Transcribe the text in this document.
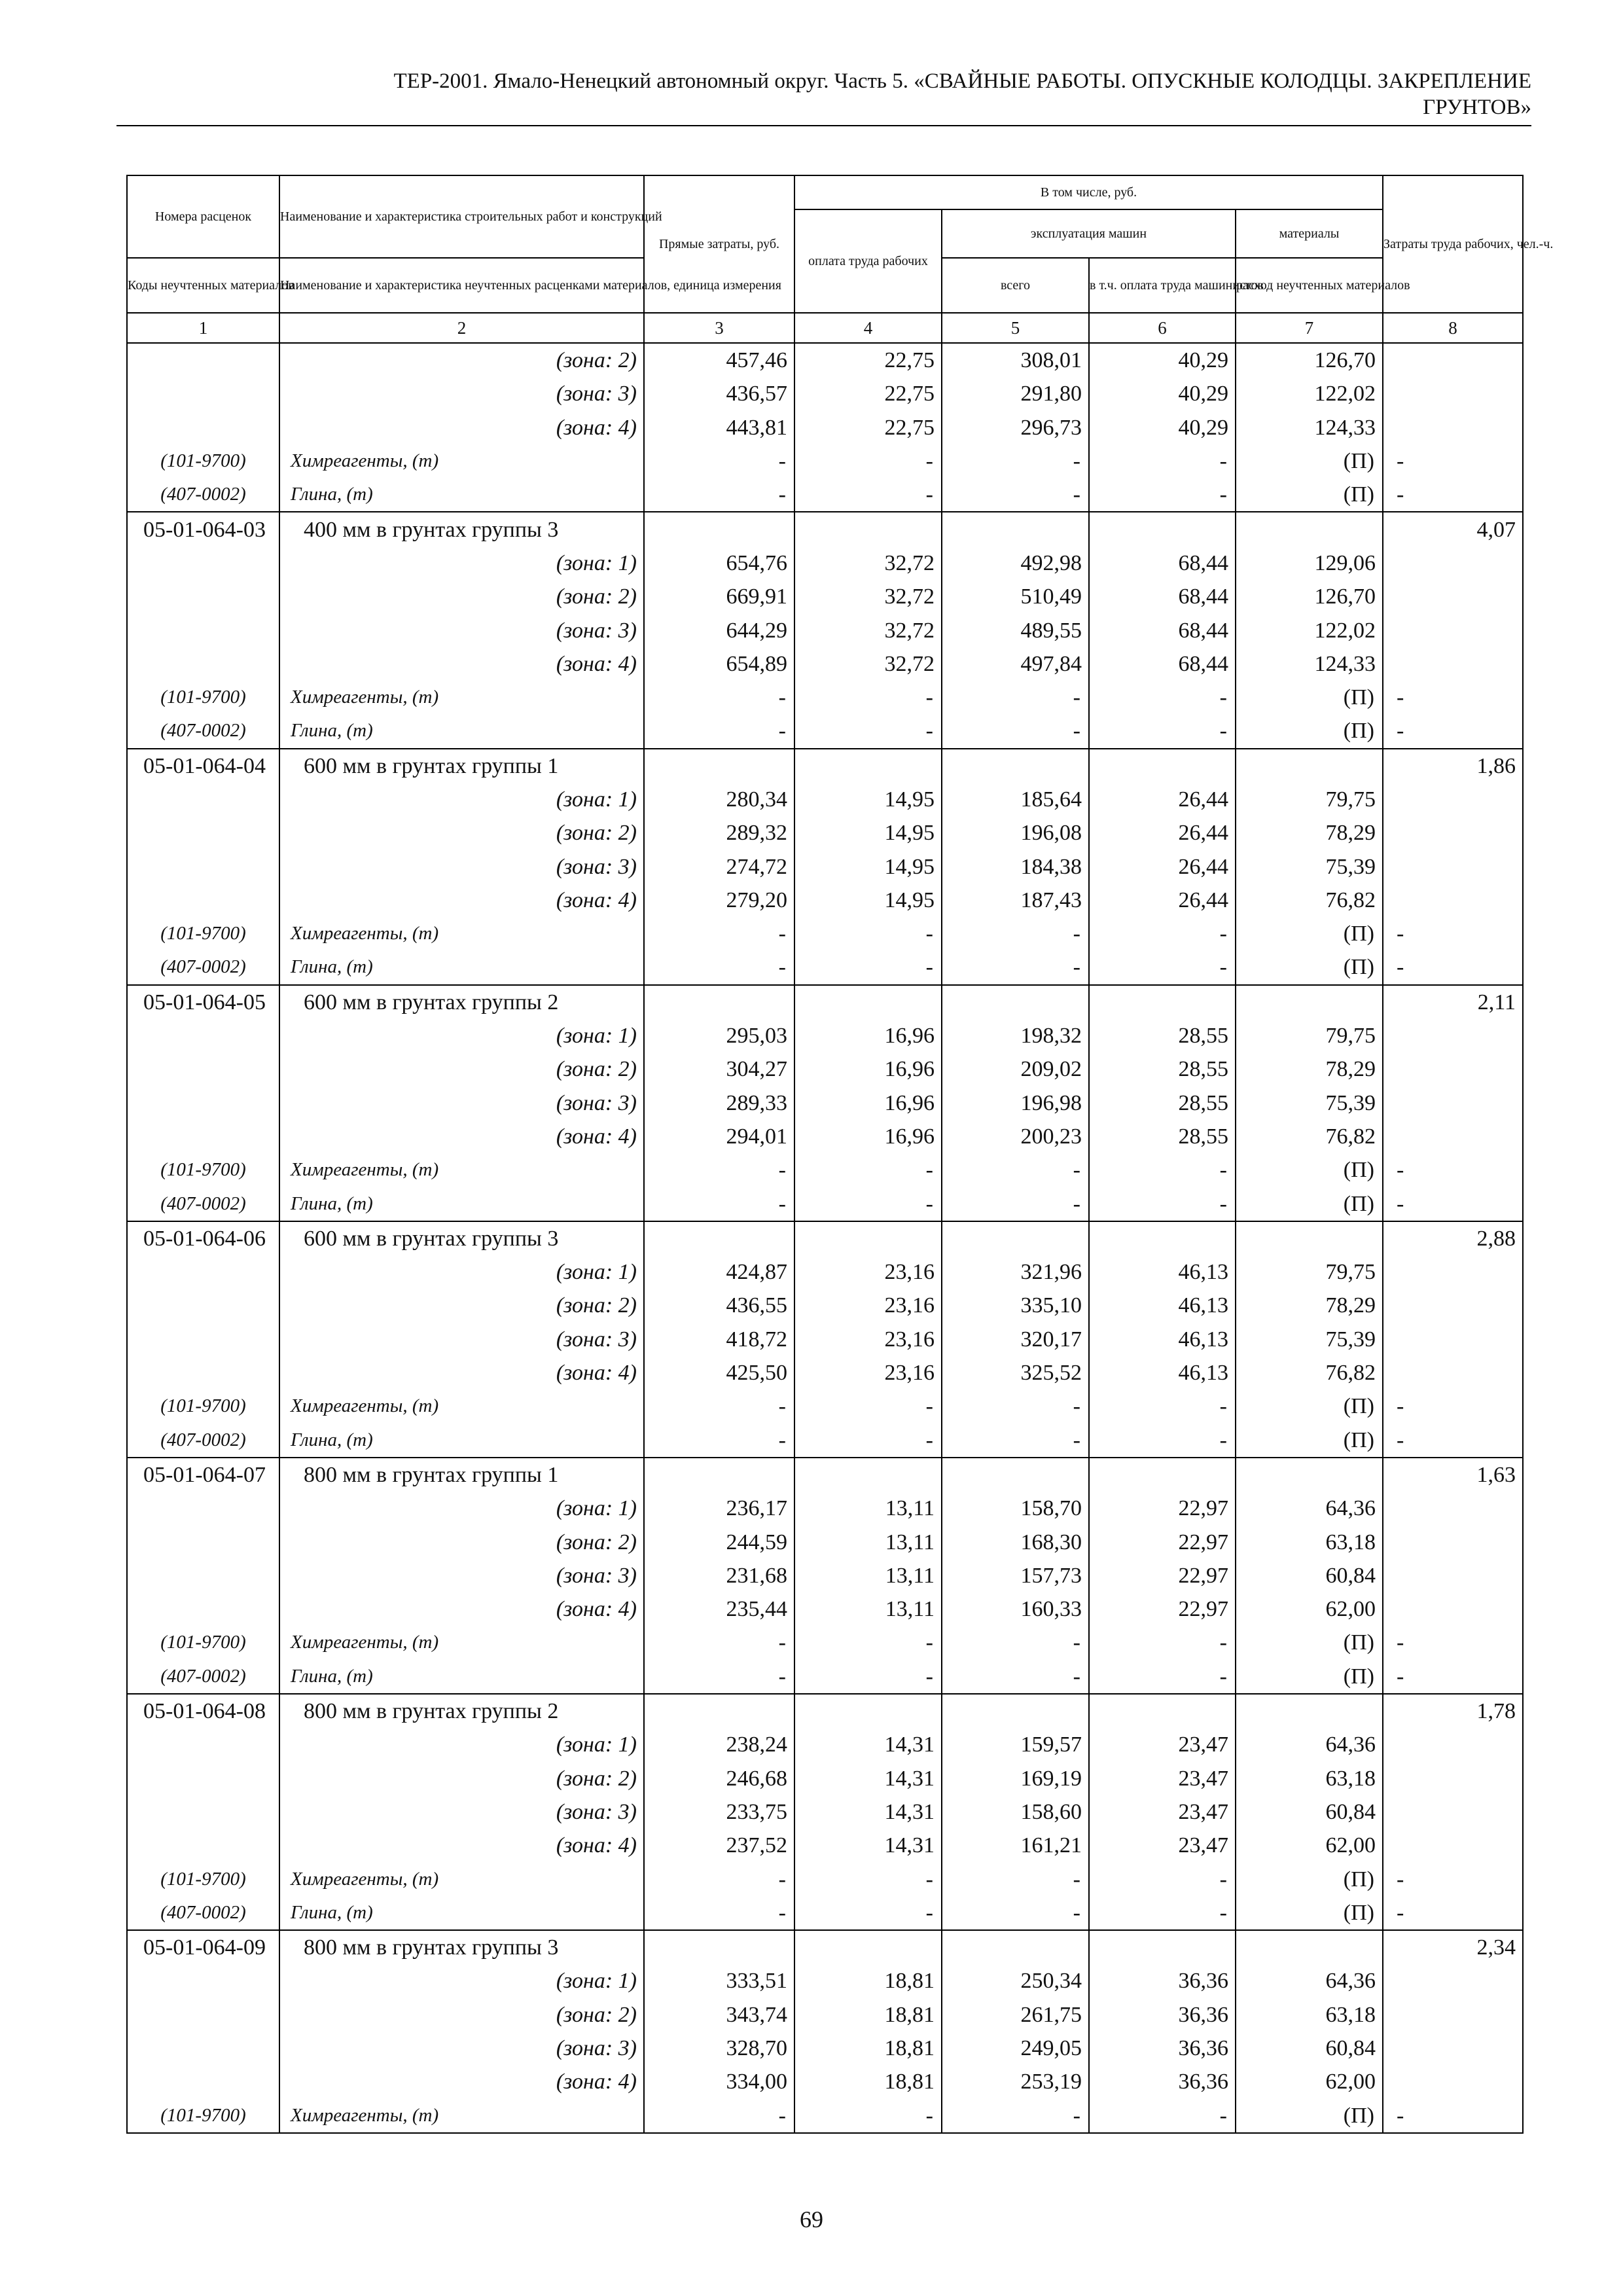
ТЕР-2001. Ямало-Ненецкий автономный округ. Часть 5. «СВАЙНЫЕ РАБОТЫ. ОПУСКНЫЕ КОЛОДЦЫ. ЗАКРЕПЛЕНИЕ
ГРУНТОВ»
Номера расценок	Наименование и характеристика строительных работ и конструкций	Прямые затраты, руб.	В том числе, руб.				Затраты труда рабочих, чел.-ч.
			оплата труда рабочих	эксплуатация машин		материалы	
Коды неучтенных материалов	Наименование и характеристика неучтенных расценками материалов, единица измерения			всего	в т.ч. оплата труда машинистов	расход неучтенных материалов	
1	2	3	4	5	6	7	8
	(зона: 2)	457,46	22,75	308,01	40,29	126,70	
	(зона: 3)	436,57	22,75	291,80	40,29	122,02	
	(зона: 4)	443,81	22,75	296,73	40,29	124,33	
(101-9700)	Химреагенты, (т)	-	-	-	-	(П)	-
(407-0002)	Глина, (т)	-	-	-	-	(П)	-
05-01-064-03	400 мм в грунтах группы 3						4,07
	(зона: 1)	654,76	32,72	492,98	68,44	129,06	
	(зона: 2)	669,91	32,72	510,49	68,44	126,70	
	(зона: 3)	644,29	32,72	489,55	68,44	122,02	
	(зона: 4)	654,89	32,72	497,84	68,44	124,33	
(101-9700)	Химреагенты, (т)	-	-	-	-	(П)	-
(407-0002)	Глина, (т)	-	-	-	-	(П)	-
05-01-064-04	600 мм в грунтах группы 1						1,86
	(зона: 1)	280,34	14,95	185,64	26,44	79,75	
	(зона: 2)	289,32	14,95	196,08	26,44	78,29	
	(зона: 3)	274,72	14,95	184,38	26,44	75,39	
	(зона: 4)	279,20	14,95	187,43	26,44	76,82	
(101-9700)	Химреагенты, (т)	-	-	-	-	(П)	-
(407-0002)	Глина, (т)	-	-	-	-	(П)	-
05-01-064-05	600 мм в грунтах группы 2						2,11
	(зона: 1)	295,03	16,96	198,32	28,55	79,75	
	(зона: 2)	304,27	16,96	209,02	28,55	78,29	
	(зона: 3)	289,33	16,96	196,98	28,55	75,39	
	(зона: 4)	294,01	16,96	200,23	28,55	76,82	
(101-9700)	Химреагенты, (т)	-	-	-	-	(П)	-
(407-0002)	Глина, (т)	-	-	-	-	(П)	-
05-01-064-06	600 мм в грунтах группы 3						2,88
	(зона: 1)	424,87	23,16	321,96	46,13	79,75	
	(зона: 2)	436,55	23,16	335,10	46,13	78,29	
	(зона: 3)	418,72	23,16	320,17	46,13	75,39	
	(зона: 4)	425,50	23,16	325,52	46,13	76,82	
(101-9700)	Химреагенты, (т)	-	-	-	-	(П)	-
(407-0002)	Глина, (т)	-	-	-	-	(П)	-
05-01-064-07	800 мм в грунтах группы 1						1,63
	(зона: 1)	236,17	13,11	158,70	22,97	64,36	
	(зона: 2)	244,59	13,11	168,30	22,97	63,18	
	(зона: 3)	231,68	13,11	157,73	22,97	60,84	
	(зона: 4)	235,44	13,11	160,33	22,97	62,00	
(101-9700)	Химреагенты, (т)	-	-	-	-	(П)	-
(407-0002)	Глина, (т)	-	-	-	-	(П)	-
05-01-064-08	800 мм в грунтах группы 2						1,78
	(зона: 1)	238,24	14,31	159,57	23,47	64,36	
	(зона: 2)	246,68	14,31	169,19	23,47	63,18	
	(зона: 3)	233,75	14,31	158,60	23,47	60,84	
	(зона: 4)	237,52	14,31	161,21	23,47	62,00	
(101-9700)	Химреагенты, (т)	-	-	-	-	(П)	-
(407-0002)	Глина, (т)	-	-	-	-	(П)	-
05-01-064-09	800 мм в грунтах группы 3						2,34
	(зона: 1)	333,51	18,81	250,34	36,36	64,36	
	(зона: 2)	343,74	18,81	261,75	36,36	63,18	
	(зона: 3)	328,70	18,81	249,05	36,36	60,84	
	(зона: 4)	334,00	18,81	253,19	36,36	62,00	
(101-9700)	Химреагенты, (т)	-	-	-	-	(П)	-
69
